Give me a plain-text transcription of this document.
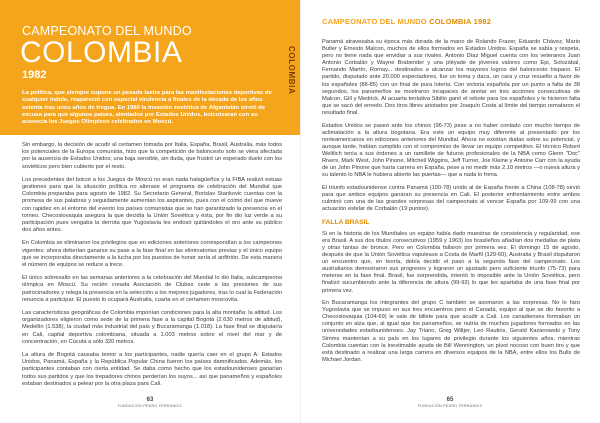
CAMPEONATO DEL MUNDO
COLOMBIA
1982	COLOMBIA
La política, que siempre supone un pesado lastre para las manifestaciones deportivas de cualquier índole, reapareció con especial virulencia a finales de la década de los años setenta tras unos años de tregua. En 1980 la invasión soviética de Afganistán sirvió de excusa para que algunos países, alentados por Estados Unidos, boicotearan con su ausencia los Juegos Olímpicos celebrados en Moscú.

Sin embargo, la decisión de acudir al certamen tomada por Italia, España, Brasil, Australia, más todos los potenciales de la Europa comunista, hizo que la competición de baloncesto solo se viera afectada por la ausencia de Estados Unidos; una baja sensible, sin duda, que frustró un esperado duelo con los soviéticos pero bien cubierto por el resto.

Los precedentes del boicot a los Juegos de Moscú no eran nada halagüeños y la FIBA realizó estuas gestiones para que la situación política no alterase el programa de celebración del Mundial que Colombia preparaba para agosto de 1982. Su Secretario General, Borislav Stankovic cuentas con la promesa de sus palabras y seguidamente aumentan los aspirantes, pues con el colmo del que mueve con rapidez en el entorno del evento los países comunistas que se han garantizado la presencia en el torneo. Checoslovaquia asegura la que decidía la Unión Soviética y ésta, por fin dio luz verde a su participación pues vengaba la derrota que Yugoslavia les endosó quitándoles el oro ante su público dos años antes.

En Colombia se eliminaron los privilegios que en ediciones anteriores correspondían a los campeones vigentes: ahora deberían ganarse su pase a la fase final en las eliminatorias previas y el único equipo que se incorporaba directamente a la lucha por los puestos de honor sería el anfitrión. De esta manera el número de equipos se reduce a trece.

El único sobresalto en las semanas anteriores a la celebración del Mundial lo dio Italia, subcampeona olímpica en Moscú. Su recién creada Asociación de Clubes cede a las presiones de sus patrocinadores y relega la presencia en la selección a los mejores jugadores, tras lo cual la Federación renuncia a participar. El puesto lo ocupará Australia, cuarta en el certamen moscovita.

Las características geográficas de Colombia imponían condiciones para la alta montaña: la altitud. Los organizadores eligieron como sede de la primera fase a la capital Bogotá (2.630 metros de altitud), Medellín (1.538), la ciudad más industrial del país y Bucaramanga (1.018). La fase final se disputaría en Cali, capital deportiva colombiana, situada a 1.003 metros sobre el nivel del mar y de concentración, en Cúcuta a sólo 320 metros.

La altura de Bogotá causaba temor a los participantes, nadie quería caer en el grupo A: Estados Unidos, Panamá, España y la República Popular China fueron los países damnificados. Además, los participantes contaban con cierta entidad. Se daba como hecho que los estadounidenses ganarían todos sus partidos y que los trepadores chinos perderían los suyos... así que panameños y españoles estaban destinados a pelear por la otra plaza para Cali.

63
FUNDACIÓN PEDRO FERRÁNDIZ
CAMPEONATO DEL MUNDO COLOMBIA 1982

Panamá atravesaba su época más dorada de la mano de Rolando Frazer, Eduardo Chávez, Mario Butler y Ernesto Malcon, muchos de ellos formados en Estados Unidos. España se sabía y respeta, pero no tiene nada que envidiar a sus rivales. Antonio Díaz Miguel cuenta con los veteranos Juan Antonio Corbalán y Wayne Brabender y una pléyade de jóvenes valores como Epi, Solozábal, Fernando Martín, Romay... destinados a alcanzar los mayores logros del baloncesto hispano. El partido, disputado ante 20.000 espectadores, fue un toma y daca, un cara y cruz resuelto a favor de los españoles (88-85) con un final de pura lotería. Con victoria española por un punto a falta de 38 segundos, los panameños se mostraron incapaces de anotar en tres acciones consecutivas de Malcon, Gill y Medrick. Al acuarta tentativa Sibilio ganó el rebote para los españoles y le hicieron falta que se sacó del enredo. Dos tiros libres anotados por Joaquín Costa al límite del tiempo remataron el resultado final.

Estados Unidos se paseó ante los chinos (96-73) pese a no haber contado con mucho tiempo de aclimatación a la altura bogotana. Era este un equipo muy diferente al presentado por los norteamericanos en ediciones anteriores del Mundial. Ahora no existían dudas sobre su potencial, y aunque tarde, habían cumplido con el compromiso de llevar un equipo competitivo. El técnico Robert Weltlich tenía a sus órdenes a un ramillete de futuros profesionales de la NBA como Glenn "Doc" Rivers, Mark West, John Pinone, Mitchell Wiggins, Jeff Turner, Joe Kleine y Antoine Carr con la ayuda de un John Pinone que haría carrera en España, pese a no medir más 2,10 metros —o nueva altura y su talento lo NBA le hubiera abierto las puertas— que a nada lo frena.

El triunfo estadounidense contra Panamá (100-78) unido al de España frente a China (108-78) sirvió para que ambos equipos ganaran su presencia en Cali. El posterior enfrentamiento entre ambos culminó con una de las grandes sorpresas del campeonato al vencer España por 109-99 con una actuación estelar de Corbalán (19 puntos).

FALLA BRASIL

Si en la historia de los Mundiales un equipo había dado muestras de consistencia y regularidad, ese era Brasil. A sus dos títulos consecutivos (1959 y 1963) los brasileños añadían dos medallas de plata y otras tantas de bronce. Pero en Colombia fallaron por primera vez. El domingo 15 de agosto, después de que la Unión Soviética vapulease a Costa de Marfil (129-60), Australia y Brasil disputaron un encuentro que, en teoría, debía decidir el paso a la segunda fase del campeonato. Los australianos demostraron sus progresos y lograron un ajustado pero suficiente triunfo (75-73) para meterse en la fase final. Brasil, fue sorprendida, intentó lo imposible ante la Unión Soviética, pero finalizó sucumbiendo ante la diferencia de altura (99-92) lo que les apartaba de una fase final por primera vez.

En Bucaramanga los integrantes del grupo C también se asomaron a las sorpresas. No lo hizo Yugoslavia que se impuso en sus tres encuentros pero el Canadá, equipo al que se dio favorito a Checoslovaquia (104-69) le vale de billete para que acudir a Cali. Los canadienses formaban un conjunto en alza que, al igual que los panameños, se nutría de muchos jugadores formados en las universidades estadounidenses. Jay Triano, Greg Wiltjer, Leo Rautins, Gerald Kazanowski y Tony Simms mantenían a su país en los lugares de privilegio durante los siguientes años, mientras Colombia cuentan con la inestimable ayuda de Bill Wennington, un pívot nocoso con buen tiro y que está destinado a realizar una larga carrera en diversos equipos de la NBA, entre ellos los Bulls de Michael Jordan.

65
FUNDACIÓN PEDRO FERRÁNDIZ
